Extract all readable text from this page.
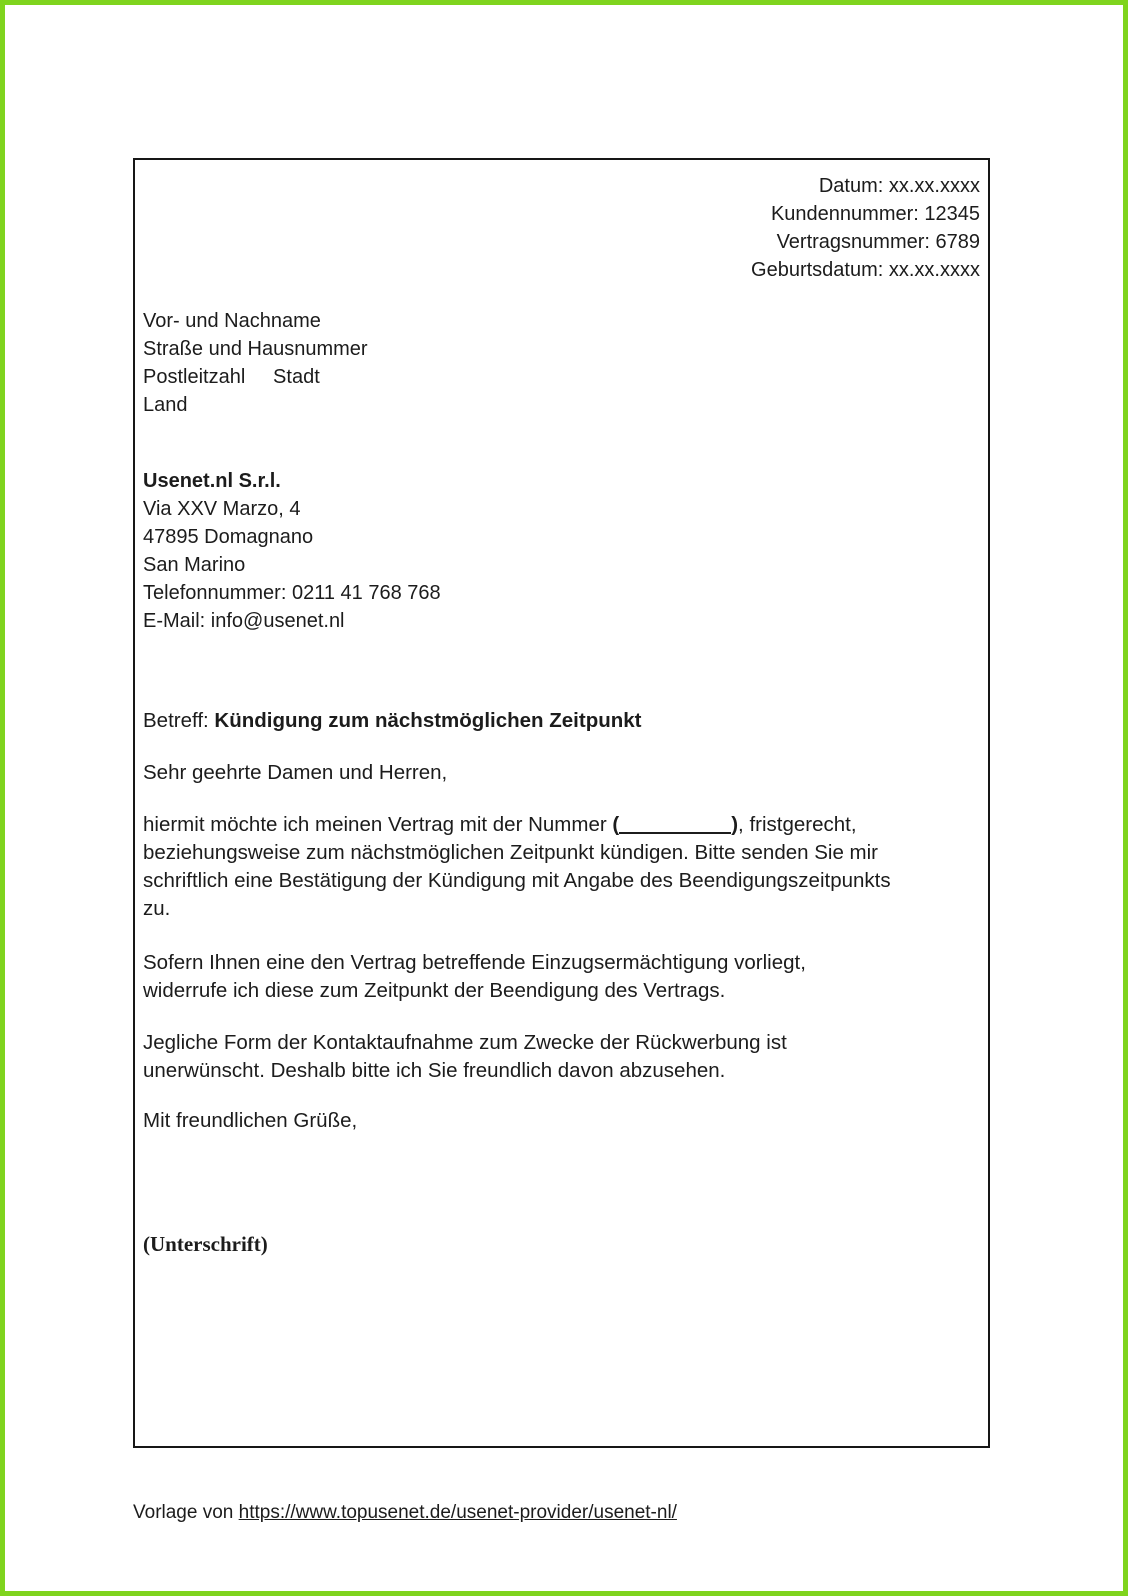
Datum: xx.xx.xxxx
Kundennummer: 12345
Vertragsnummer: 6789
Geburtsdatum: xx.xx.xxxx
Vor- und Nachname
Straße und Hausnummer
Postleitzahl     Stadt
Land
Usenet.nl S.r.l.
Via XXV Marzo, 4
47895 Domagnano
San Marino
Telefonnummer: 0211 41 768 768
E-Mail: info@usenet.nl
Betreff: Kündigung zum nächstmöglichen Zeitpunkt
Sehr geehrte Damen und Herren,
hiermit möchte ich meinen Vertrag mit der Nummer (	), fristgerecht,
beziehungsweise zum nächstmöglichen Zeitpunkt kündigen. Bitte senden Sie mir
schriftlich eine Bestätigung der Kündigung mit Angabe des Beendigungszeitpunkts
zu.
Sofern Ihnen eine den Vertrag betreffende Einzugsermächtigung vorliegt,
widerrufe ich diese zum Zeitpunkt der Beendigung des Vertrags.
Jegliche Form der Kontaktaufnahme zum Zwecke der Rückwerbung ist
unerwünscht. Deshalb bitte ich Sie freundlich davon abzusehen.
Mit freundlichen Grüße,
(Unterschrift)
Vorlage von https://www.topusenet.de/usenet-provider/usenet-nl/
